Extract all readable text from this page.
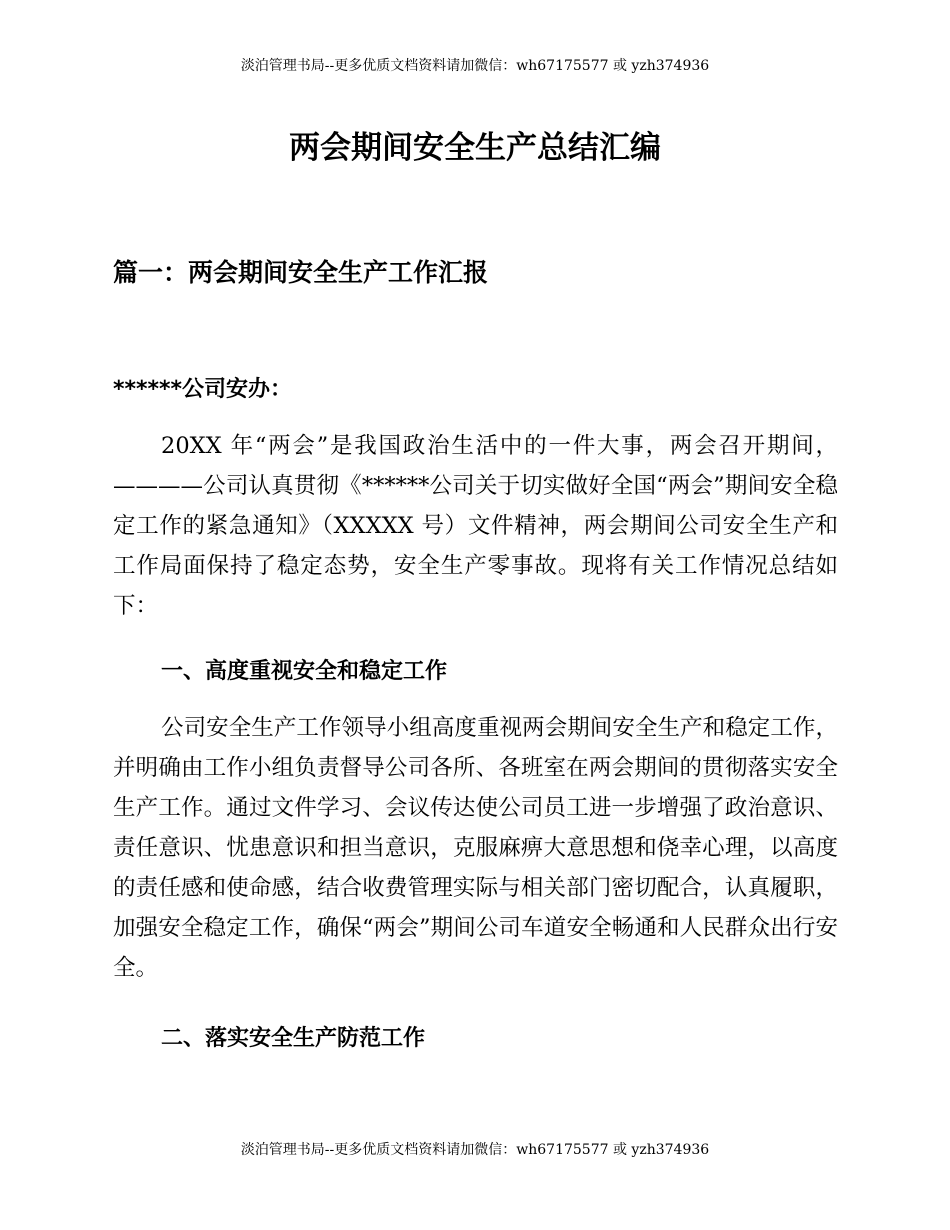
淡泊管理书局--更多优质文档资料请加微信：wh67175577 或 yzh374936
两会期间安全生产总结汇编
篇一：两会期间安全生产工作汇报
******公司安办：

20XX 年“两会”是我国政治生活中的一件大事，两会召开期间，————公司认真贯彻《******公司关于切实做好全国“两会”期间安全稳定工作的紧急通知》（XXXXX 号）文件精神，两会期间公司安全生产和工作局面保持了稳定态势，安全生产零事故。现将有关工作情况总结如下：

一、高度重视安全和稳定工作

公司安全生产工作领导小组高度重视两会期间安全生产和稳定工作，并明确由工作小组负责督导公司各所、各班室在两会期间的贯彻落实安全生产工作。通过文件学习、会议传达使公司员工进一步增强了政治意识、责任意识、忧患意识和担当意识，克服麻痹大意思想和侥幸心理，以高度的责任感和使命感，结合收费管理实际与相关部门密切配合，认真履职，加强安全稳定工作，确保“两会”期间公司车道安全畅通和人民群众出行安全。

二、落实安全生产防范工作
淡泊管理书局--更多优质文档资料请加微信：wh67175577 或 yzh374936
